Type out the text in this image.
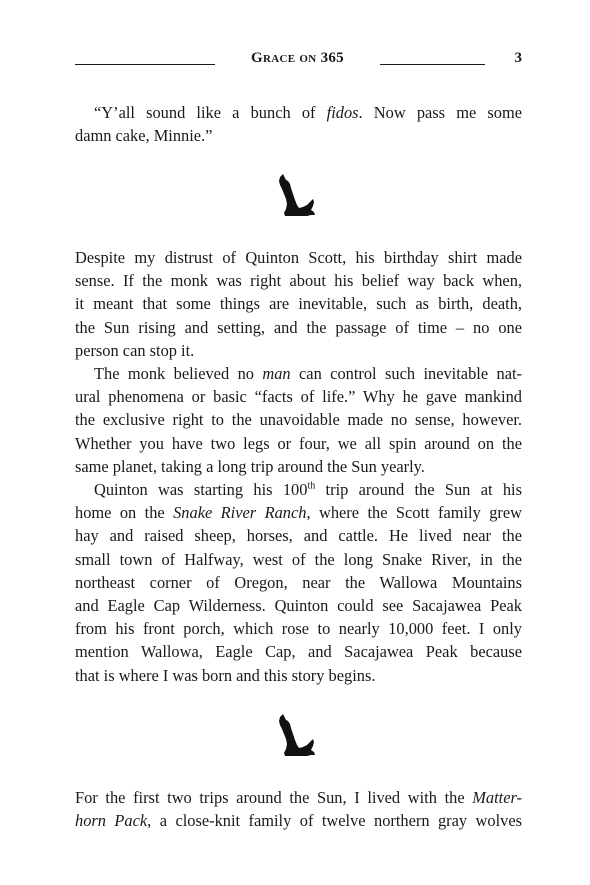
Grace on 365	3
“Y’all sound like a bunch of fidos. Now pass me some
damn cake, Minnie.”
Despite my distrust of Quinton Scott, his birthday shirt made
sense. If the monk was right about his belief way back when,
it meant that some things are inevitable, such as birth, death,
the Sun rising and setting, and the passage of time – no one
person can stop it.
The monk believed no man can control such inevitable nat-
ural phenomena or basic “facts of life.” Why he gave mankind
the exclusive right to the unavoidable made no sense, however.
Whether you have two legs or four, we all spin around on the
same planet, taking a long trip around the Sun yearly.
Quinton was starting his 100th trip around the Sun at his
home on the Snake River Ranch, where the Scott family grew
hay and raised sheep, horses, and cattle. He lived near the
small town of Halfway, west of the long Snake River, in the
northeast corner of Oregon, near the Wallowa Mountains
and Eagle Cap Wilderness. Quinton could see Sacajawea Peak
from his front porch, which rose to nearly 10,000 feet. I only
mention Wallowa, Eagle Cap, and Sacajawea Peak because
that is where I was born and this story begins.
For the first two trips around the Sun, I lived with the Matter-
horn Pack, a close-knit family of twelve northern gray wolves
